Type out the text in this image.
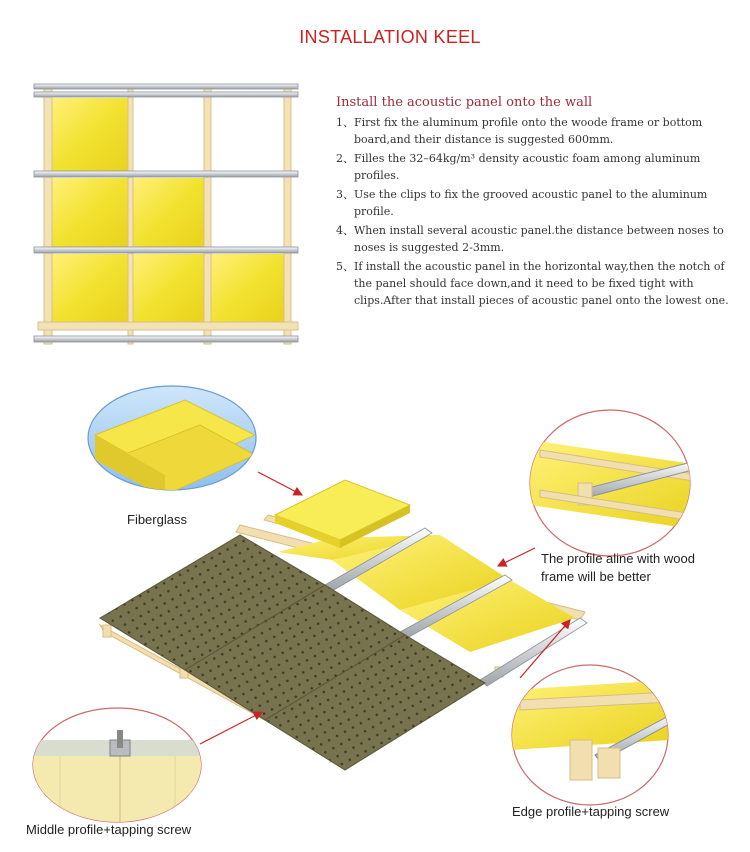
INSTALLATION KEEL
Install the acoustic panel onto the wall
1、 First fix the aluminum profile onto the woode frame or bottom board,and their distance is suggested 600mm.
2、 Filles the 32–64kg/m³ density acoustic foam among aluminum profiles.
3、 Use the clips to fix the grooved acoustic panel to the aluminum profile.
4、 When install several acoustic panel.the distance between noses to noses is suggested 2-3mm.
5、 If install the acoustic panel in the horizontal way,then the notch of the panel should face down,and it need to be fixed tight with clips.After that install pieces of acoustic panel onto the lowest one.
Fiberglass
The profile aline with wood
frame will be better
Edge profile+tapping screw
Middle profile+tapping screw
